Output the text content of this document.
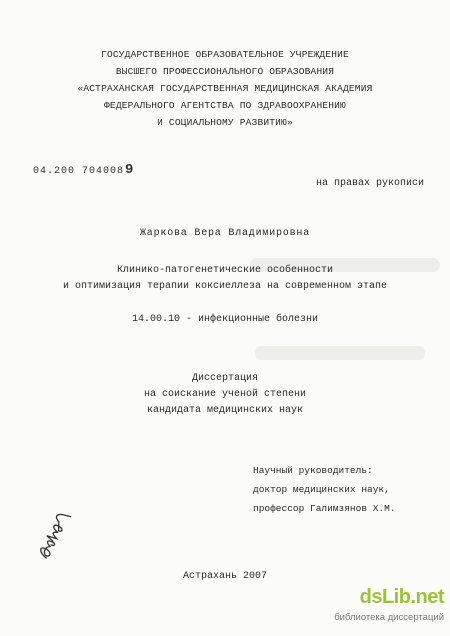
ГОСУДАРСТВЕННОЕ ОБРАЗОВАТЕЛЬНОЕ УЧРЕЖДЕНИЕ
ВЫСШЕГО ПРОФЕССИОНАЛЬНОГО ОБРАЗОВАНИЯ
«АСТРАХАНСКАЯ ГОСУДАРСТВЕННАЯ МЕДИЦИНСКАЯ АКАДЕМИЯ
ФЕДЕРАЛЬНОГО АГЕНТСТВА ПО ЗДРАВООХРАНЕНИЮ
И СОЦИАЛЬНОМУ РАЗВИТИЮ»
04.200 7040089
на правах рукописи
Жаркова Вера Владимировна
Клинико-патогенетические особенности
и оптимизация терапии коксиеллеза на современном этапе
14.00.10 - инфекционные болезни
Диссертация
на соискание ученой степени
кандидата медицинских наук
Научный руководитель:
доктор медицинских наук,
профессор Галимзянов Х.М.
Астрахань 2007
dsLib.net
библиотека диссертаций
